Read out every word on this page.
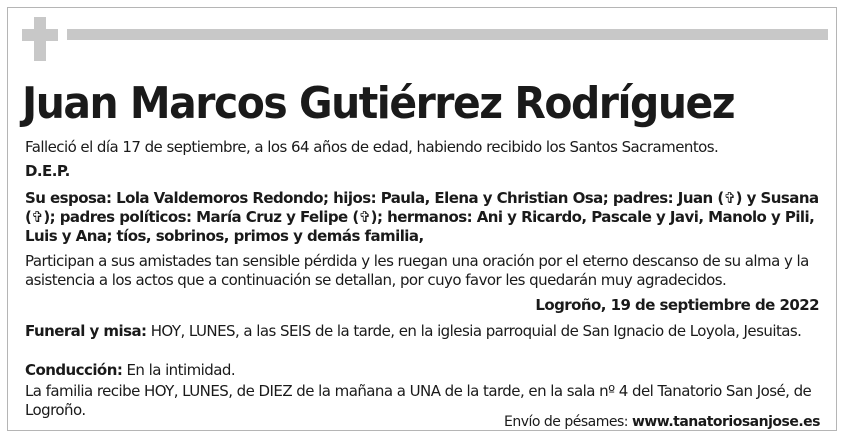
Juan Marcos Gutiérrez Rodríguez
Falleció el día 17 de septiembre, a los 64 años de edad, habiendo recibido los Santos Sacramentos.
D.E.P.
Su esposa: Lola Valdemoros Redondo; hijos: Paula, Elena y Christian Osa; padres: Juan (✞) y Susana (✞); padres políticos: María Cruz y Felipe (✞); hermanos: Ani y Ricardo, Pascale y Javi, Manolo y Pili, Luis y Ana; tíos, sobrinos, primos y demás familia,
Participan a sus amistades tan sensible pérdida y les ruegan una oración por el eterno descanso de su alma y la asistencia a los actos que a continuación se detallan, por cuyo favor les quedarán muy agradecidos.
Logroño, 19 de septiembre de 2022
Funeral y misa: HOY, LUNES, a las SEIS de la tarde, en la iglesia parroquial de San Ignacio de Loyola, Jesuitas.
Conducción: En la intimidad.
La familia recibe HOY, LUNES, de DIEZ de la mañana a UNA de la tarde, en la sala nº 4 del Tanatorio San José, de Logroño.
Envío de pésames: www.tanatoriosanjose.es
